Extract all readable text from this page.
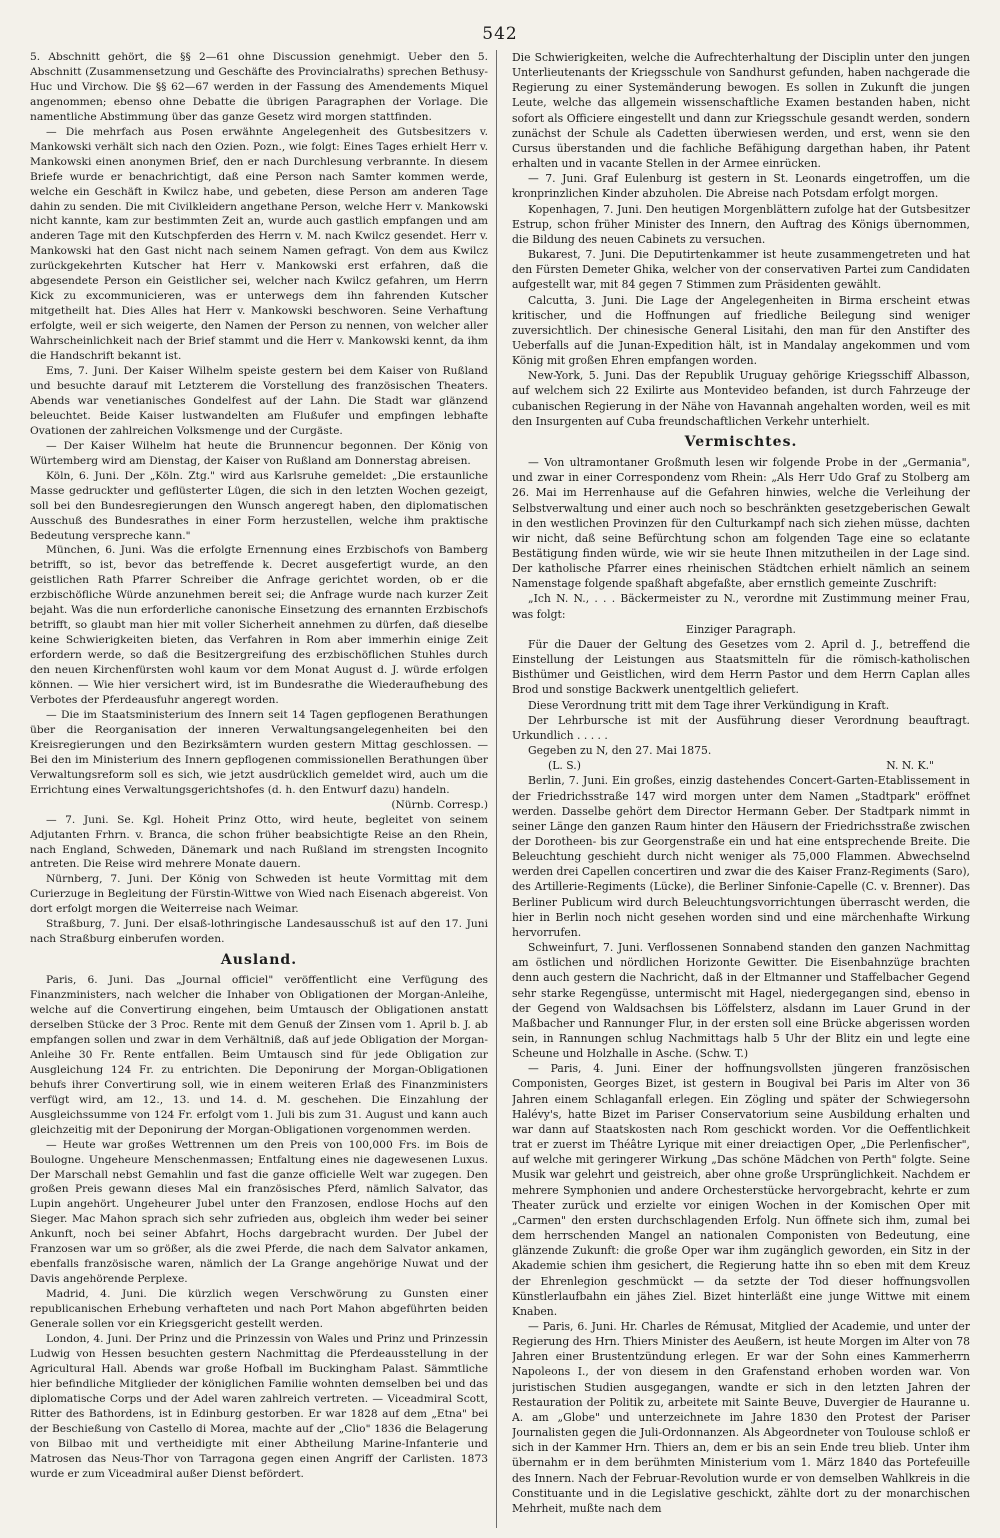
542

5. Abschnitt gehört, die §§ 2—61 ohne Discussion genehmigt. Ueber den 5. Abschnitt (Zusammensetzung und Geschäfte des Provincialraths) sprechen Bethusy-Huc und Virchow. Die §§ 62—67 werden in der Fassung des Amendements Miquel angenommen; ebenso ohne Debatte die übrigen Paragraphen der Vorlage. Die namentliche Abstimmung über das ganze Gesetz wird morgen stattfinden.

— Die mehrfach aus Posen erwähnte Angelegenheit des Gutsbesitzers v. Mankowski verhält sich nach den Ozien. Pozn., wie folgt: Eines Tages erhielt Herr v. Mankowski einen anonymen Brief, den er nach Durchlesung verbrannte. In diesem Briefe wurde er benachrichtigt, daß eine Person nach Samter kommen werde, welche ein Geschäft in Kwilcz habe, und gebeten, diese Person am anderen Tage dahin zu senden. Die mit Civilkleidern angethane Person, welche Herr v. Mankowski nicht kannte, kam zur bestimmten Zeit an, wurde auch gastlich empfangen und am anderen Tage mit den Kutschpferden des Herrn v. M. nach Kwilcz gesendet. Herr v. Mankowski hat den Gast nicht nach seinem Namen gefragt. Von dem aus Kwilcz zurückgekehrten Kutscher hat Herr v. Mankowski erst erfahren, daß die abgesendete Person ein Geistlicher sei, welcher nach Kwilcz gefahren, um Herrn Kick zu excommunicieren, was er unterwegs dem ihn fahrenden Kutscher mitgetheilt hat. Dies Alles hat Herr v. Mankowski beschworen. Seine Verhaftung erfolgte, weil er sich weigerte, den Namen der Person zu nennen, von welcher aller Wahrscheinlichkeit nach der Brief stammt und die Herr v. Mankowski kennt, da ihm die Handschrift bekannt ist.

Ems, 7. Juni. Der Kaiser Wilhelm speiste gestern bei dem Kaiser von Rußland und besuchte darauf mit Letzterem die Vorstellung des französischen Theaters. Abends war venetianisches Gondelfest auf der Lahn. Die Stadt war glänzend beleuchtet. Beide Kaiser lustwandelten am Flußufer und empfingen lebhafte Ovationen der zahlreichen Volksmenge und der Curgäste.

— Der Kaiser Wilhelm hat heute die Brunnencur begonnen. Der König von Würtemberg wird am Dienstag, der Kaiser von Rußland am Donnerstag abreisen.

Köln, 6. Juni. Der „Köln. Ztg." wird aus Karlsruhe gemeldet: „Die erstaunliche Masse gedruckter und geflüsterter Lügen, die sich in den letzten Wochen gezeigt, soll bei den Bundesregierungen den Wunsch angeregt haben, den diplomatischen Ausschuß des Bundesrathes in einer Form herzustellen, welche ihm praktische Bedeutung verspreche kann."

München, 6. Juni. Was die erfolgte Ernennung eines Erzbischofs von Bamberg betrifft, so ist, bevor das betreffende k. Decret ausgefertigt wurde, an den geistlichen Rath Pfarrer Schreiber die Anfrage gerichtet worden, ob er die erzbischöfliche Würde anzunehmen bereit sei; die Anfrage wurde nach kurzer Zeit bejaht. Was die nun erforderliche canonische Einsetzung des ernannten Erzbischofs betrifft, so glaubt man hier mit voller Sicherheit annehmen zu dürfen, daß dieselbe keine Schwierigkeiten bieten, das Verfahren in Rom aber immerhin einige Zeit erfordern werde, so daß die Besitzergreifung des erzbischöflichen Stuhles durch den neuen Kirchenfürsten wohl kaum vor dem Monat August d. J. würde erfolgen können. — Wie hier versichert wird, ist im Bundesrathe die Wiederaufhebung des Verbotes der Pferdeausfuhr angeregt worden.

— Die im Staatsministerium des Innern seit 14 Tagen gepflogenen Berathungen über die Reorganisation der inneren Verwaltungsangelegenheiten bei den Kreisregierungen und den Bezirksämtern wurden gestern Mittag geschlossen. — Bei den im Ministerium des Innern gepflogenen commissionellen Berathungen über Verwaltungsreform soll es sich, wie jetzt ausdrücklich gemeldet wird, auch um die Errichtung eines Verwaltungsgerichtshofes (d. h. den Entwurf dazu) handeln.

(Nürnb. Corresp.)

— 7. Juni. Se. Kgl. Hoheit Prinz Otto, wird heute, begleitet von seinem Adjutanten Frhrn. v. Branca, die schon früher beabsichtigte Reise an den Rhein, nach England, Schweden, Dänemark und nach Rußland im strengsten Incognito antreten. Die Reise wird mehrere Monate dauern.

Nürnberg, 7. Juni. Der König von Schweden ist heute Vormittag mit dem Curierzuge in Begleitung der Fürstin-Wittwe von Wied nach Eisenach abgereist. Von dort erfolgt morgen die Weiterreise nach Weimar.

Straßburg, 7. Juni. Der elsaß-lothringische Landesausschuß ist auf den 17. Juni nach Straßburg einberufen worden.

Ausland.

Paris, 6. Juni. Das „Journal officiel" veröffentlicht eine Verfügung des Finanzministers, nach welcher die Inhaber von Obligationen der Morgan-Anleihe, welche auf die Convertirung eingehen, beim Umtausch der Obligationen anstatt derselben Stücke der 3 Proc. Rente mit dem Genuß der Zinsen vom 1. April b. J. ab empfangen sollen und zwar in dem Verhältniß, daß auf jede Obligation der Morgan-Anleihe 30 Fr. Rente entfallen. Beim Umtausch sind für jede Obligation zur Ausgleichung 124 Fr. zu entrichten. Die Deponirung der Morgan-Obligationen behufs ihrer Convertirung soll, wie in einem weiteren Erlaß des Finanzministers verfügt wird, am 12., 13. und 14. d. M. geschehen. Die Einzahlung der Ausgleichssumme von 124 Fr. erfolgt vom 1. Juli bis zum 31. August und kann auch gleichzeitig mit der Deponirung der Morgan-Obligationen vorgenommen werden.

— Heute war großes Wettrennen um den Preis von 100,000 Frs. im Bois de Boulogne. Ungeheure Menschenmassen; Entfaltung eines nie dagewesenen Luxus. Der Marschall nebst Gemahlin und fast die ganze officielle Welt war zugegen. Den großen Preis gewann dieses Mal ein französisches Pferd, nämlich Salvator, das Lupin angehört. Ungeheurer Jubel unter den Franzosen, endlose Hochs auf den Sieger. Mac Mahon sprach sich sehr zufrieden aus, obgleich ihm weder bei seiner Ankunft, noch bei seiner Abfahrt, Hochs dargebracht wurden. Der Jubel der Franzosen war um so größer, als die zwei Pferde, die nach dem Salvator ankamen, ebenfalls französische waren, nämlich der La Grange angehörige Nuwat und der Davis angehörende Perplexe.

Madrid, 4. Juni. Die kürzlich wegen Verschwörung zu Gunsten einer republicanischen Erhebung verhafteten und nach Port Mahon abgeführten beiden Generale sollen vor ein Kriegsgericht gestellt werden.

London, 4. Juni. Der Prinz und die Prinzessin von Wales und Prinz und Prinzessin Ludwig von Hessen besuchten gestern Nachmittag die Pferdeausstellung in der Agricultural Hall. Abends war große Hofball im Buckingham Palast. Sämmtliche hier befindliche Mitglieder der königlichen Familie wohnten demselben bei und das diplomatische Corps und der Adel waren zahlreich vertreten. — Viceadmiral Scott, Ritter des Bathordens, ist in Edinburg gestorben. Er war 1828 auf dem „Etna" bei der Beschießung von Castello di Morea, machte auf der „Clio" 1836 die Belagerung von Bilbao mit und vertheidigte mit einer Abtheilung Marine-Infanterie und Matrosen das Neus-Thor von Tarragona gegen einen Angriff der Carlisten. 1873 wurde er zum Viceadmiral außer Dienst befördert.

Die Schwierigkeiten, welche die Aufrechterhaltung der Disciplin unter den jungen Unterlieutenants der Kriegsschule von Sandhurst gefunden, haben nachgerade die Regierung zu einer Systemänderung bewogen. Es sollen in Zukunft die jungen Leute, welche das allgemein wissenschaftliche Examen bestanden haben, nicht sofort als Officiere eingestellt und dann zur Kriegsschule gesandt werden, sondern zunächst der Schule als Cadetten überwiesen werden, und erst, wenn sie den Cursus überstanden und die fachliche Befähigung dargethan haben, ihr Patent erhalten und in vacante Stellen in der Armee einrücken.

— 7. Juni. Graf Eulenburg ist gestern in St. Leonards eingetroffen, um die kronprinzlichen Kinder abzuholen. Die Abreise nach Potsdam erfolgt morgen.

Kopenhagen, 7. Juni. Den heutigen Morgenblättern zufolge hat der Gutsbesitzer Estrup, schon früher Minister des Innern, den Auftrag des Königs übernommen, die Bildung des neuen Cabinets zu versuchen.

Bukarest, 7. Juni. Die Deputirtenkammer ist heute zusammengetreten und hat den Fürsten Demeter Ghika, welcher von der conservativen Partei zum Candidaten aufgestellt war, mit 84 gegen 7 Stimmen zum Präsidenten gewählt.

Calcutta, 3. Juni. Die Lage der Angelegenheiten in Birma erscheint etwas kritischer, und die Hoffnungen auf friedliche Beilegung sind weniger zuversichtlich. Der chinesische General Lisitahi, den man für den Anstifter des Ueberfalls auf die Junan-Expedition hält, ist in Mandalay angekommen und vom König mit großen Ehren empfangen worden.

New-York, 5. Juni. Das der Republik Uruguay gehörige Kriegsschiff Albasson, auf welchem sich 22 Exilirte aus Montevideo befanden, ist durch Fahrzeuge der cubanischen Regierung in der Nähe von Havannah angehalten worden, weil es mit den Insurgenten auf Cuba freundschaftlichen Verkehr unterhielt.

Vermischtes.

— Von ultramontaner Großmuth lesen wir folgende Probe in der „Germania", und zwar in einer Correspondenz vom Rhein: „Als Herr Udo Graf zu Stolberg am 26. Mai im Herrenhause auf die Gefahren hinwies, welche die Verleihung der Selbstverwaltung und einer auch noch so beschränkten gesetzgeberischen Gewalt in den westlichen Provinzen für den Culturkampf nach sich ziehen müsse, dachten wir nicht, daß seine Befürchtung schon am folgenden Tage eine so eclatante Bestätigung finden würde, wie wir sie heute Ihnen mitzutheilen in der Lage sind. Der katholische Pfarrer eines rheinischen Städtchen erhielt nämlich an seinem Namenstage folgende spaßhaft abgefaßte, aber ernstlich gemeinte Zuschrift:

„Ich N. N., . . . Bäckermeister zu N., verordne mit Zustimmung meiner Frau, was folgt:

Einziger Paragraph.

Für die Dauer der Geltung des Gesetzes vom 2. April d. J., betreffend die Einstellung der Leistungen aus Staatsmitteln für die römisch-katholischen Bisthümer und Geistlichen, wird dem Herrn Pastor und dem Herrn Caplan alles Brod und sonstige Backwerk unentgeltlich geliefert.

Diese Verordnung tritt mit dem Tage ihrer Verkündigung in Kraft.

Der Lehrbursche ist mit der Ausführung dieser Verordnung beauftragt. Urkundlich . . . . .

Gegeben zu N, den 27. Mai 1875.

(L. S.)	N. N. K."

Berlin, 7. Juni. Ein großes, einzig dastehendes Concert-Garten-Etablissement in der Friedrichsstraße 147 wird morgen unter dem Namen „Stadtpark" eröffnet werden. Dasselbe gehört dem Director Hermann Geber. Der Stadtpark nimmt in seiner Länge den ganzen Raum hinter den Häusern der Friedrichsstraße zwischen der Dorotheen- bis zur Georgenstraße ein und hat eine entsprechende Breite. Die Beleuchtung geschieht durch nicht weniger als 75,000 Flammen. Abwechselnd werden drei Capellen concertiren und zwar die des Kaiser Franz-Regiments (Saro), des Artillerie-Regiments (Lücke), die Berliner Sinfonie-Capelle (C. v. Brenner). Das Berliner Publicum wird durch Beleuchtungsvorrichtungen überrascht werden, die hier in Berlin noch nicht gesehen worden sind und eine märchenhafte Wirkung hervorrufen.

Schweinfurt, 7. Juni. Verflossenen Sonnabend standen den ganzen Nachmittag am östlichen und nördlichen Horizonte Gewitter. Die Eisenbahnzüge brachten denn auch gestern die Nachricht, daß in der Eltmanner und Staffelbacher Gegend sehr starke Regengüsse, untermischt mit Hagel, niedergegangen sind, ebenso in der Gegend von Waldsachsen bis Löffelsterz, alsdann im Lauer Grund in der Maßbacher und Rannunger Flur, in der ersten soll eine Brücke abgerissen worden sein, in Rannungen schlug Nachmittags halb 5 Uhr der Blitz ein und legte eine Scheune und Holzhalle in Asche. (Schw. T.)

— Paris, 4. Juni. Einer der hoffnungsvollsten jüngeren französischen Componisten, Georges Bizet, ist gestern in Bougival bei Paris im Alter von 36 Jahren einem Schlaganfall erlegen. Ein Zögling und später der Schwiegersohn Halévy's, hatte Bizet im Pariser Conservatorium seine Ausbildung erhalten und war dann auf Staatskosten nach Rom geschickt worden. Vor die Oeffentlichkeit trat er zuerst im Théâtre Lyrique mit einer dreiactigen Oper, „Die Perlenfischer", auf welche mit geringerer Wirkung „Das schöne Mädchen von Perth" folgte. Seine Musik war gelehrt und geistreich, aber ohne große Ursprünglichkeit. Nachdem er mehrere Symphonien und andere Orchesterstücke hervorgebracht, kehrte er zum Theater zurück und erzielte vor einigen Wochen in der Komischen Oper mit „Carmen" den ersten durchschlagenden Erfolg. Nun öffnete sich ihm, zumal bei dem herrschenden Mangel an nationalen Componisten von Bedeutung, eine glänzende Zukunft: die große Oper war ihm zugänglich geworden, ein Sitz in der Akademie schien ihm gesichert, die Regierung hatte ihn so eben mit dem Kreuz der Ehrenlegion geschmückt — da setzte der Tod dieser hoffnungsvollen Künstlerlaufbahn ein jähes Ziel. Bizet hinterläßt eine junge Wittwe mit einem Knaben.

— Paris, 6. Juni. Hr. Charles de Rémusat, Mitglied der Academie, und unter der Regierung des Hrn. Thiers Minister des Aeußern, ist heute Morgen im Alter von 78 Jahren einer Brustentzündung erlegen. Er war der Sohn eines Kammerherrn Napoleons I., der von diesem in den Grafenstand erhoben worden war. Von juristischen Studien ausgegangen, wandte er sich in den letzten Jahren der Restauration der Politik zu, arbeitete mit Sainte Beuve, Duvergier de Hauranne u. A. am „Globe" und unterzeichnete im Jahre 1830 den Protest der Pariser Journalisten gegen die Juli-Ordonnanzen. Als Abgeordneter von Toulouse schloß er sich in der Kammer Hrn. Thiers an, dem er bis an sein Ende treu blieb. Unter ihm übernahm er in dem berühmten Ministerium vom 1. März 1840 das Portefeuille des Innern. Nach der Februar-Revolution wurde er von demselben Wahlkreis in die Constituante und in die Legislative geschickt, zählte dort zu der monarchischen Mehrheit, mußte nach dem
